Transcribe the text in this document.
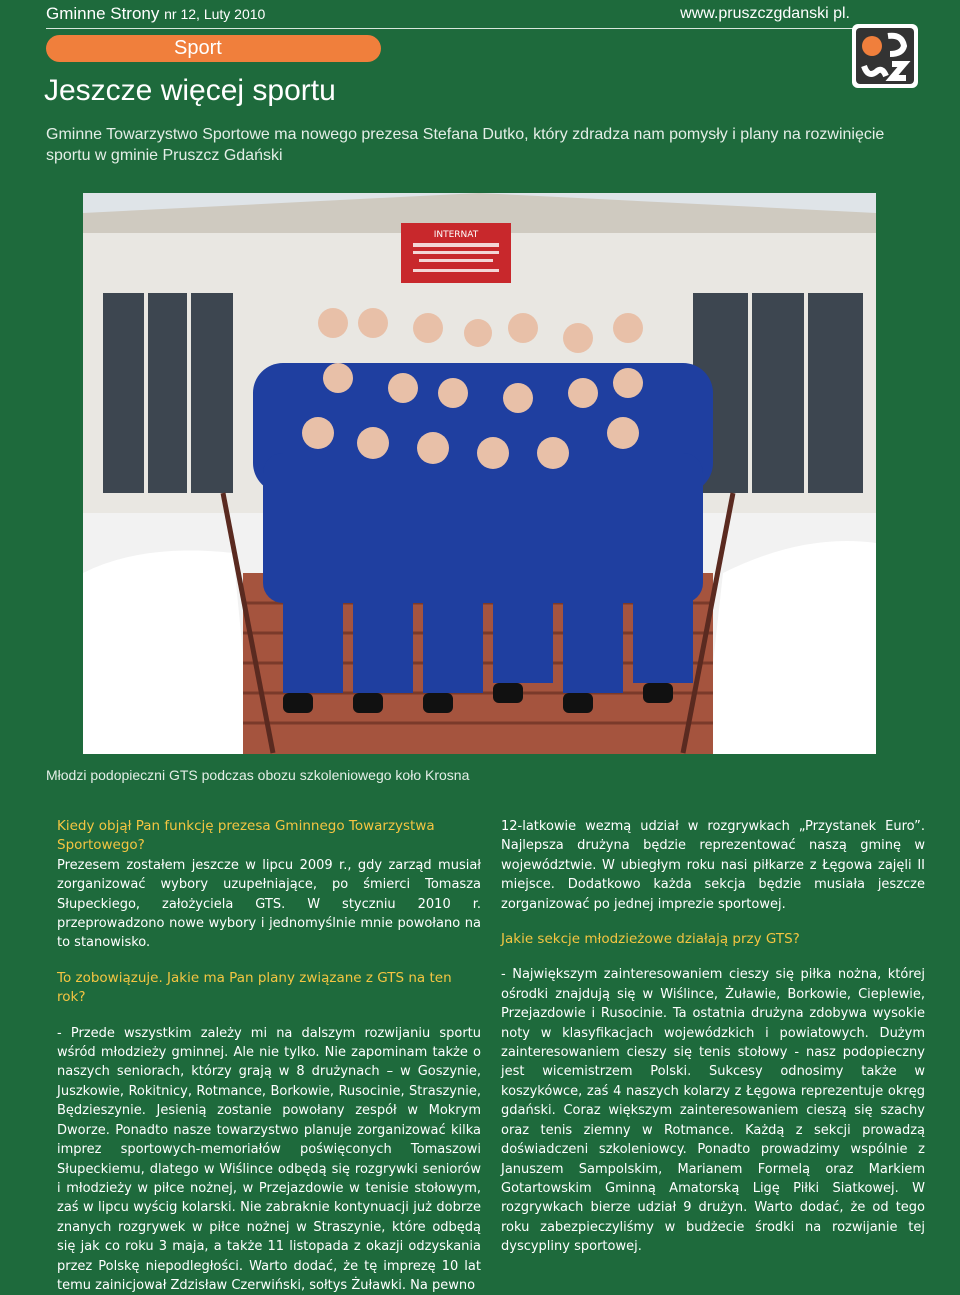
Gminne Strony nr 12, Luty 2010	www.pruszczgdanski pl.
Sport
Jeszcze więcej sportu

Gminne Towarzystwo Sportowe ma nowego prezesa Stefana Dutko, który zdradza nam pomysły i plany na rozwinięcie sportu w gminie Pruszcz Gdański

INTERNAT

Młodzi podopieczni GTS podczas obozu szkoleniowego koło Krosna

Kiedy objął Pan funkcję prezesa Gminnego Towarzystwa Sportowego?

Prezesem zostałem jeszcze w lipcu 2009 r., gdy zarząd musiał zorganizować wybory uzupełniające, po śmierci Tomasza Słupeckiego, założyciela GTS. W styczniu 2010 r. przeprowadzono nowe wybory i jednomyślnie mnie powołano na to stanowisko.

To zobowiązuje. Jakie ma Pan plany związane z GTS na ten rok?

- Przede wszystkim zależy mi na dalszym rozwijaniu sportu wśród młodzieży gminnej. Ale nie tylko. Nie zapominam także o naszych seniorach, którzy grają w 8 drużynach – w Goszynie, Juszkowie, Rokitnicy, Rotmance, Borkowie, Rusocinie, Straszynie, Będzieszynie. Jesienią zostanie powołany zespół w Mokrym Dworze. Ponadto nasze towarzystwo planuje zorganizować kilka imprez sportowych-memoriałów poświęconych Tomaszowi Słupeckiemu, dlatego w Wiślince odbędą się rozgrywki seniorów i młodzieży w piłce nożnej, w Przejazdowie w tenisie stołowym, zaś w lipcu wyścig kolarski. Nie zabraknie kontynuacji już dobrze znanych rozgrywek w piłce nożnej w Straszynie, które odbędą się jak co roku 3 maja, a także 11 listopada z okazji odzyskania przez Polskę niepodległości. Warto dodać, że tę imprezę 10 lat temu zainicjował Zdzisław Czerwiński, sołtys Żuławki. Na pewno

12-latkowie wezmą udział w rozgrywkach „Przystanek Euro”. Najlepsza drużyna będzie reprezentować naszą gminę w województwie. W ubiegłym roku nasi piłkarze z Łęgowa zajęli II miejsce. Dodatkowo każda sekcja będzie musiała jeszcze zorganizować po jednej imprezie sportowej.

Jakie sekcje młodzieżowe działają przy GTS?

- Największym zainteresowaniem cieszy się piłka nożna, której ośrodki znajdują się w Wiślince, Żuławie, Borkowie, Cieplewie, Przejazdowie i Rusocinie. Ta ostatnia drużyna zdobywa wysokie noty w klasyfikacjach wojewódzkich i powiatowych. Dużym zainteresowaniem cieszy się tenis stołowy - nasz podopieczny jest wicemistrzem Polski. Sukcesy odnosimy także w koszykówce, zaś 4 naszych kolarzy z Łęgowa reprezentuje okręg gdański. Coraz większym zainteresowaniem cieszą się szachy oraz tenis ziemny w Rotmance. Każdą z sekcji prowadzą doświadczeni szkoleniowcy. Ponadto prowadzimy wspólnie z Januszem Sampolskim, Marianem Formelą oraz Markiem Gotartowskim Gminną Amatorską Ligę Piłki Siatkowej. W rozgrywkach bierze udział 9 drużyn. Warto dodać, że od tego roku zabezpieczyliśmy w budżecie środki na rozwijanie tej dyscypliny sportowej.
